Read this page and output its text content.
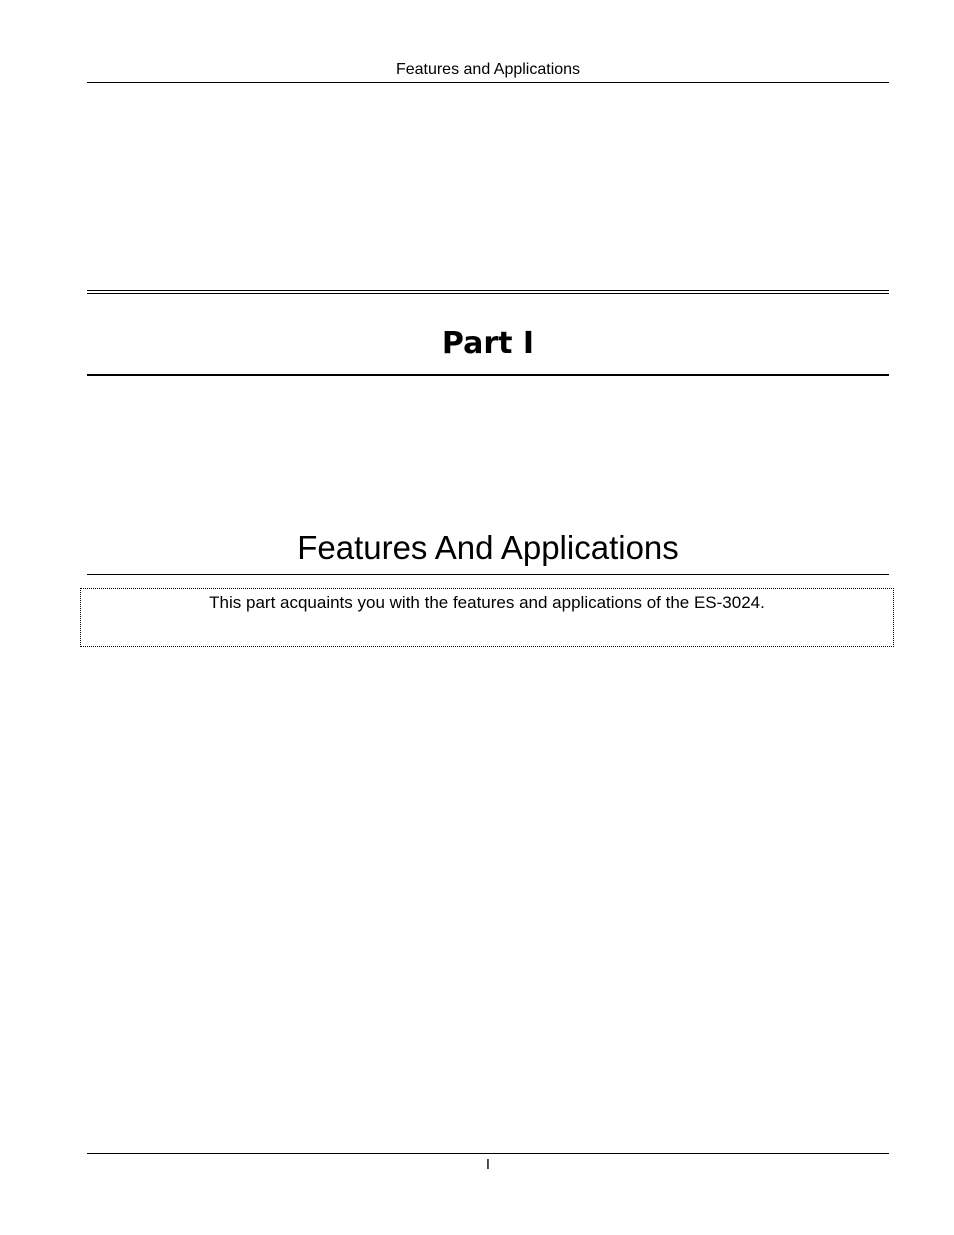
Features and Applications
Part I
Features And Applications
This part acquaints you with the features and applications of the ES-3024.
I
